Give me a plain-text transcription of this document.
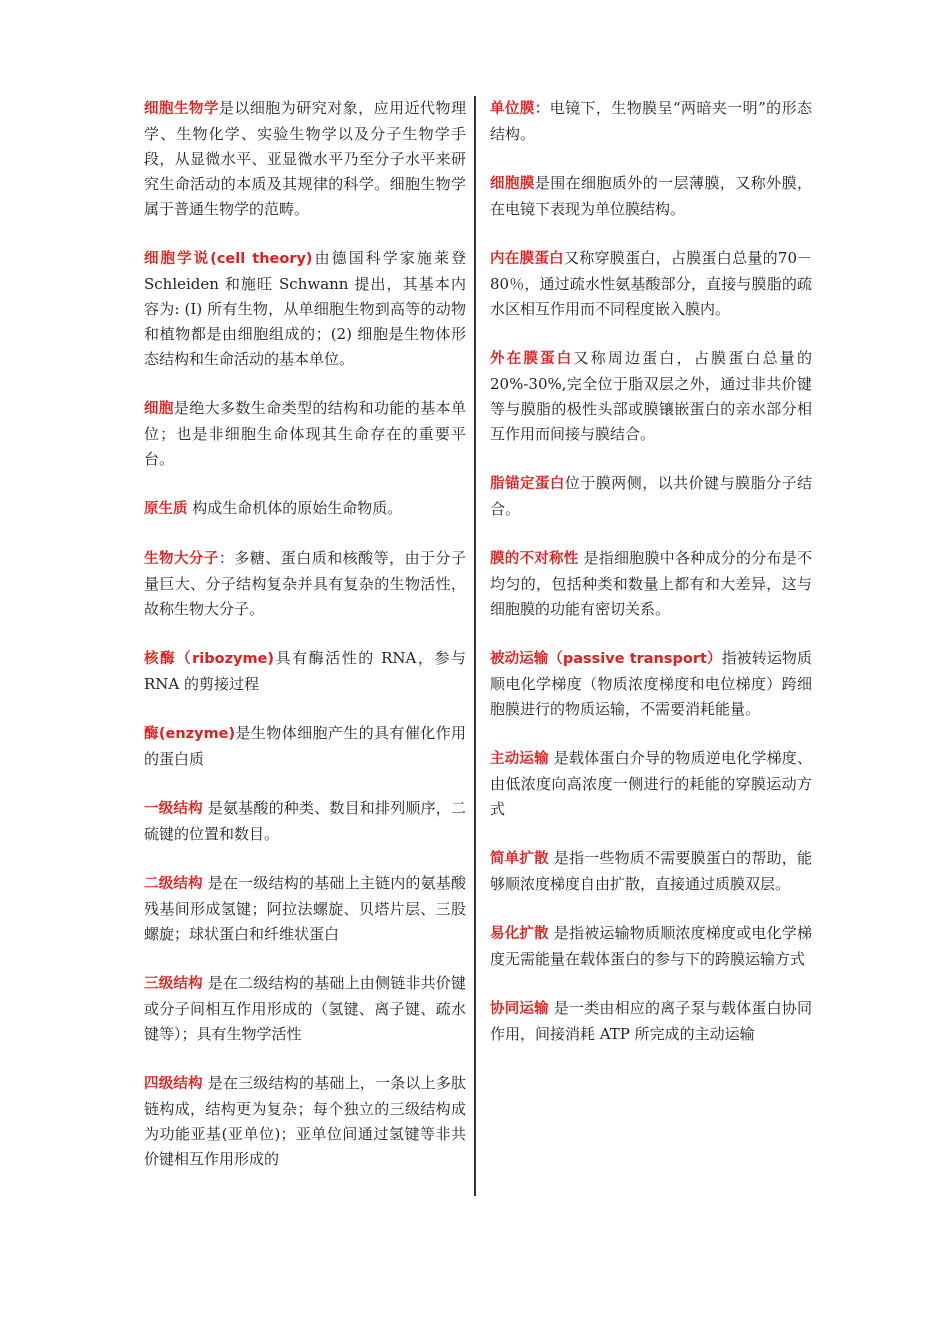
细胞生物学是以细胞为研究对象，应用近代物理学、生物化学、实验生物学以及分子生物学手段，从显微水平、亚显微水平乃至分子水平来研究生命活动的本质及其规律的科学。细胞生物学属于普通生物学的范畴。

细胞学说(cell theory)由德国科学家施莱登 Schleiden 和施旺 Schwann 提出，其基本内容为: (I) 所有生物，从单细胞生物到高等的动物和植物都是由细胞组成的；(2) 细胞是生物体形态结构和生命活动的基本单位。

细胞是绝大多数生命类型的结构和功能的基本单位；也是非细胞生命体现其生命存在的重要平台。

原生质 构成生命机体的原始生命物质。

生物大分子：多糖、蛋白质和核酸等，由于分子量巨大、分子结构复杂并具有复杂的生物活性，故称生物大分子。

核酶（ribozyme)具有酶活性的 RNA，参与 RNA 的剪接过程

酶(enzyme)是生物体细胞产生的具有催化作用的蛋白质

一级结构 是氨基酸的种类、数目和排列顺序，二硫键的位置和数目。

二级结构 是在一级结构的基础上主链内的氨基酸残基间形成氢键；阿拉法螺旋、贝塔片层、三股螺旋；球状蛋白和纤维状蛋白

三级结构 是在二级结构的基础上由侧链非共价键或分子间相互作用形成的（氢键、离子键、疏水键等）；具有生物学活性

四级结构 是在三级结构的基础上，一条以上多肽链构成，结构更为复杂；每个独立的三级结构成为功能亚基(亚单位)；亚单位间通过氢键等非共价键相互作用形成的

单位膜：电镜下，生物膜呈“两暗夹一明”的形态结构。

细胞膜是围在细胞质外的一层薄膜，又称外膜，在电镜下表现为单位膜结构。

内在膜蛋白又称穿膜蛋白，占膜蛋白总量的70－80％，通过疏水性氨基酸部分，直接与膜脂的疏水区相互作用而不同程度嵌入膜内。

外在膜蛋白又称周边蛋白，占膜蛋白总量的20%-30%,完全位于脂双层之外，通过非共价键等与膜脂的极性头部或膜镶嵌蛋白的亲水部分相互作用而间接与膜结合。

脂锚定蛋白位于膜两侧，以共价键与膜脂分子结合。

膜的不对称性 是指细胞膜中各种成分的分布是不均匀的，包括种类和数量上都有和大差异，这与细胞膜的功能有密切关系。

被动运输（passive transport）指被转运物质顺电化学梯度（物质浓度梯度和电位梯度）跨细胞膜进行的物质运输，不需要消耗能量。

主动运输 是载体蛋白介导的物质逆电化学梯度、由低浓度向高浓度一侧进行的耗能的穿膜运动方式

简单扩散 是指一些物质不需要膜蛋白的帮助，能够顺浓度梯度自由扩散，直接通过质膜双层。

易化扩散 是指被运输物质顺浓度梯度或电化学梯度无需能量在载体蛋白的参与下的跨膜运输方式

协同运输 是一类由相应的离子泵与载体蛋白协同作用，间接消耗 ATP 所完成的主动运输
